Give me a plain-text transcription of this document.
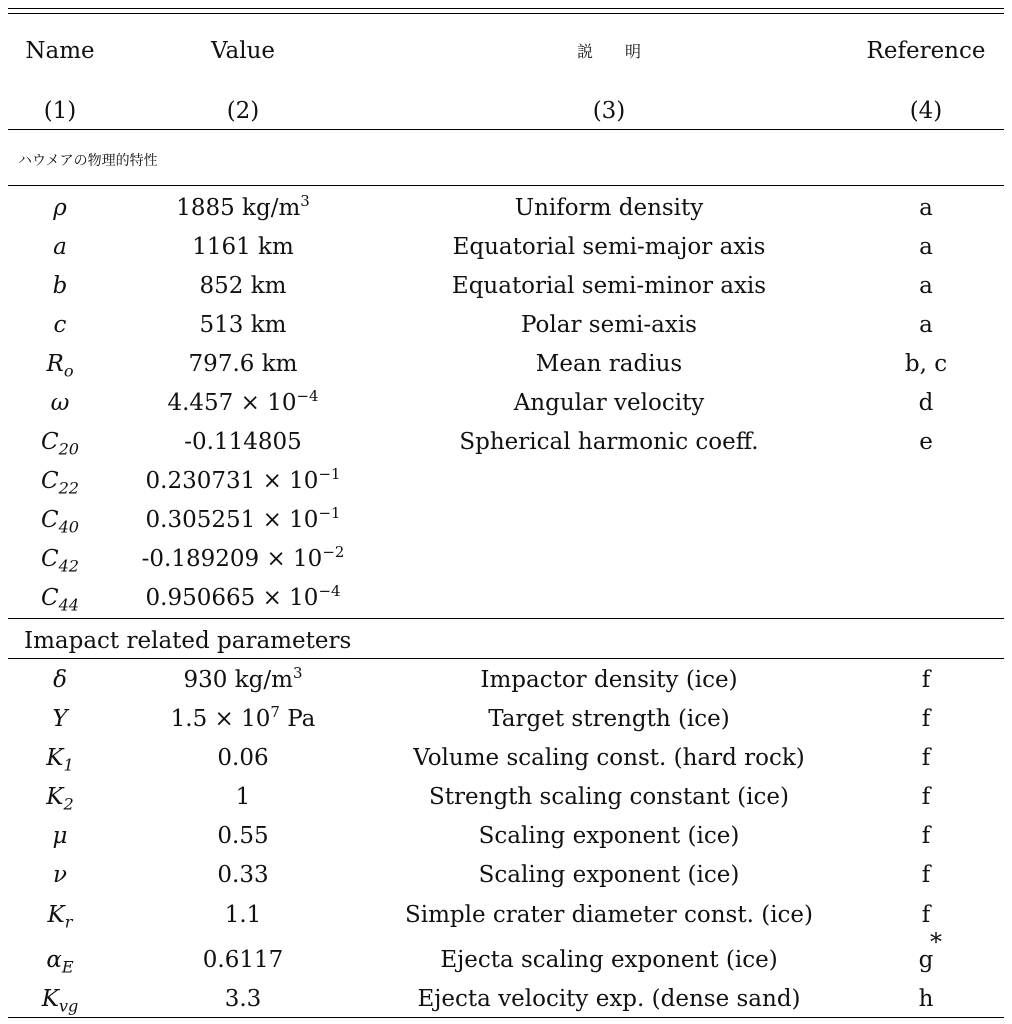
Name	Value	説　　明	Reference
(1)	(2)	(3)	(4)
ハウメアの物理的特性
ρ	1885 $kg/m^3$	Uniform density	a
a	1161 km	Equatorial semi-major axis	a
b	852 km	Equatorial semi-minor axis	a
c	513 km	Polar semi-axis	a
$R_o$	797.6 km	Mean radius	b, c
ω	$4.457 \times 10^{-4}$	Angular velocity	d
$C_{20}$	-0.114805	Spherical harmonic coeff.	e
$C_{22}$	$0.230731 \times 10^{-1}$
$C_{40}$	$0.305251 \times 10^{-1}$
$C_{42}$	$-0.189209 \times 10^{-2}$
$C_{44}$	$0.950665 \times 10^{-4}$
Imapact related parameters
δ	930 $kg/m^3$	Impactor density (ice)	f
Y	$1.5 \times 10^7$ Pa	Target strength (ice)	f
$K_1$	0.06	Volume scaling const. (hard rock)	f
$K_2$	1	Strength scaling constant (ice)	f
μ	0.55	Scaling exponent (ice)	f
ν	0.33	Scaling exponent (ice)	f
$K_r$	1.1	Simple crater diameter const. (ice)	f
$\alpha_E$	0.6117	Ejecta scaling exponent (ice)	g
$K_{vg}$	3.3	Ejecta velocity exp. (dense sand)	h
*
